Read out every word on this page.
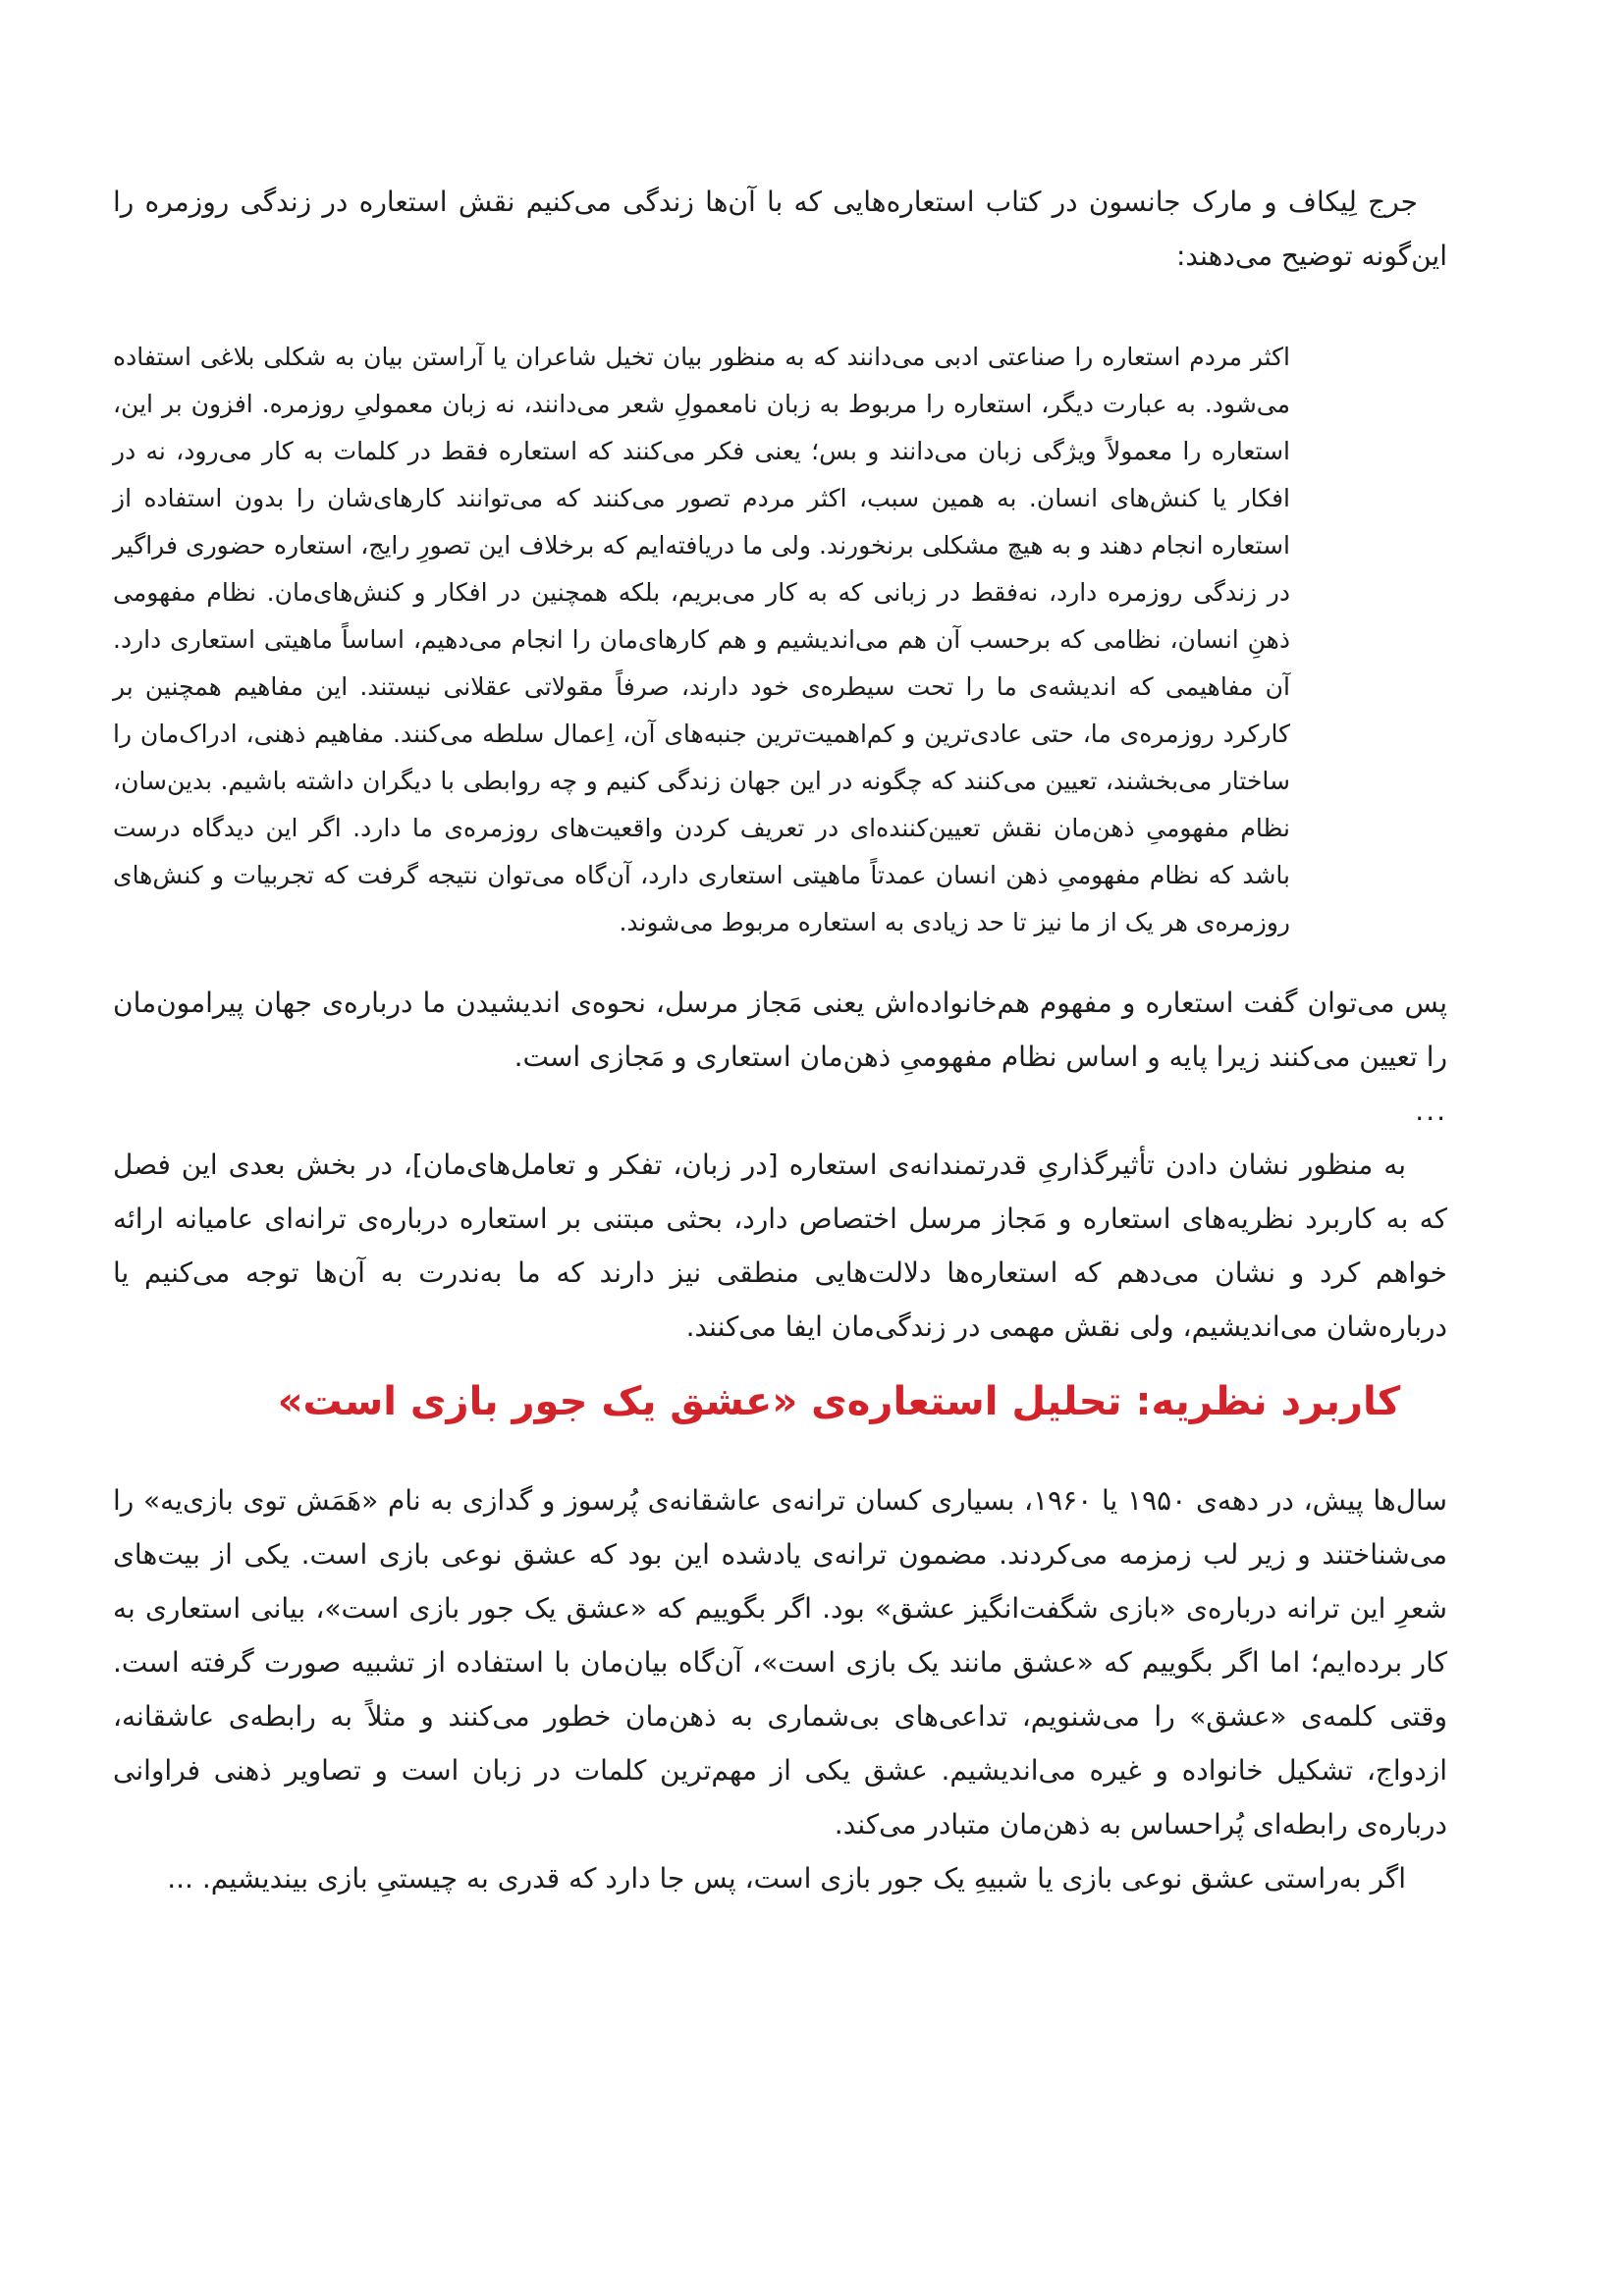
جرج لِیکاف و مارک جانسون در کتاب استعاره‌هایی که با آن‌ها زندگی می‌کنیم نقش استعاره در زندگی روزمره را این‌گونه توضیح می‌دهند:

اکثر مردم استعاره را صناعتی ادبی می‌دانند که به منظور بیان تخیل شاعران یا آراستن بیان به شکلی بلاغی استفاده می‌شود. به عبارت دیگر، استعاره را مربوط به زبان نامعمولِ شعر می‌دانند، نه زبان معمولیِ روزمره. افزون بر این، استعاره را معمولاً ویژگی زبان می‌دانند و بس؛ یعنی فکر می‌کنند که استعاره فقط در کلمات به کار می‌رود، نه در افکار یا کنش‌های انسان. به همین سبب، اکثر مردم تصور می‌کنند که می‌توانند کارهای‌شان را بدون استفاده از استعاره انجام دهند و به هیچ مشکلی برنخورند. ولی ما دریافته‌ایم که برخلاف این تصورِ رایج، استعاره حضوری فراگیر در زندگی روزمره دارد، نه‌فقط در زبانی که به کار می‌بریم، بلکه همچنین در افکار و کنش‌های‌مان. نظام مفهومی ذهنِ انسان، نظامی که برحسب آن هم می‌اندیشیم و هم کارهای‌مان را انجام می‌دهیم، اساساً ماهیتی استعاری دارد. آن مفاهیمی که اندیشه‌ی ما را تحت سیطره‌ی خود دارند، صرفاً مقولاتی عقلانی نیستند. این مفاهیم همچنین بر کارکرد روزمره‌ی ما، حتی عادی‌ترین و کم‌اهمیت‌ترین جنبه‌های آن، اِعمال سلطه می‌کنند. مفاهیم ذهنی، ادراک‌مان را ساختار می‌بخشند، تعیین می‌کنند که چگونه در این جهان زندگی کنیم و چه روابطی با دیگران داشته باشیم. بدین‌سان، نظام مفهومیِ ذهن‌مان نقش تعیین‌کننده‌ای در تعریف کردن واقعیت‌های روزمره‌ی ما دارد. اگر این دیدگاه درست باشد که نظام مفهومیِ ذهن انسان عمدتاً ماهیتی استعاری دارد، آن‌گاه می‌توان نتیجه گرفت که تجربیات و کنش‌های روزمره‌ی هر یک از ما نیز تا حد زیادی به استعاره مربوط می‌شوند.

پس می‌توان گفت استعاره و مفهوم هم‌خانواده‌اش یعنی مَجاز مرسل، نحوه‌ی اندیشیدن ما درباره‌ی جهان پیرامون‌مان را تعیین می‌کنند زیرا پایه و اساس نظام مفهومیِ ذهن‌مان استعاری و مَجازی است.

...

به منظور نشان دادن تأثیرگذاریِ قدرتمندانه‌ی استعاره [در زبان، تفکر و تعامل‌های‌مان]، در بخش بعدی این فصل که به کاربرد نظریه‌های استعاره و مَجاز مرسل اختصاص دارد، بحثی مبتنی بر استعاره درباره‌ی ترانه‌ای عامیانه ارائه خواهم کرد و نشان می‌دهم که استعاره‌ها دلالت‌هایی منطقی نیز دارند که ما به‌ندرت به آن‌ها توجه می‌کنیم یا درباره‌شان می‌اندیشیم، ولی نقش مهمی در زندگی‌مان ایفا می‌کنند.

کاربرد نظریه: تحلیل استعاره‌ی «عشق یک جور بازی است»

سال‌ها پیش، در دهه‌ی ۱۹۵۰ یا ۱۹۶۰، بسیاری کسان ترانه‌ی عاشقانه‌ی پُرسوز و گدازی به نام «هَمَش توی بازی‌یه» را می‌شناختند و زیر لب زمزمه می‌کردند. مضمون ترانه‌ی یادشده این بود که عشق نوعی بازی است. یکی از بیت‌های شعرِ این ترانه درباره‌ی «بازی شگفت‌انگیز عشق» بود. اگر بگوییم که «عشق یک جور بازی است»، بیانی استعاری به کار برده‌ایم؛ اما اگر بگوییم که «عشق مانند یک بازی است»، آن‌گاه بیان‌مان با استفاده از تشبیه صورت گرفته است. وقتی کلمه‌ی «عشق» را می‌شنویم، تداعی‌های بی‌شماری به ذهن‌مان خطور می‌کنند و مثلاً به رابطه‌ی عاشقانه، ازدواج، تشکیل خانواده و غیره می‌اندیشیم. عشق یکی از مهم‌ترین کلمات در زبان است و تصاویر ذهنی فراوانی درباره‌ی رابطه‌ای پُراحساس به ذهن‌مان متبادر می‌کند.

اگر به‌راستی عشق نوعی بازی یا شبیهِ یک جور بازی است، پس جا دارد که قدری به چیستیِ بازی بیندیشیم. ...
